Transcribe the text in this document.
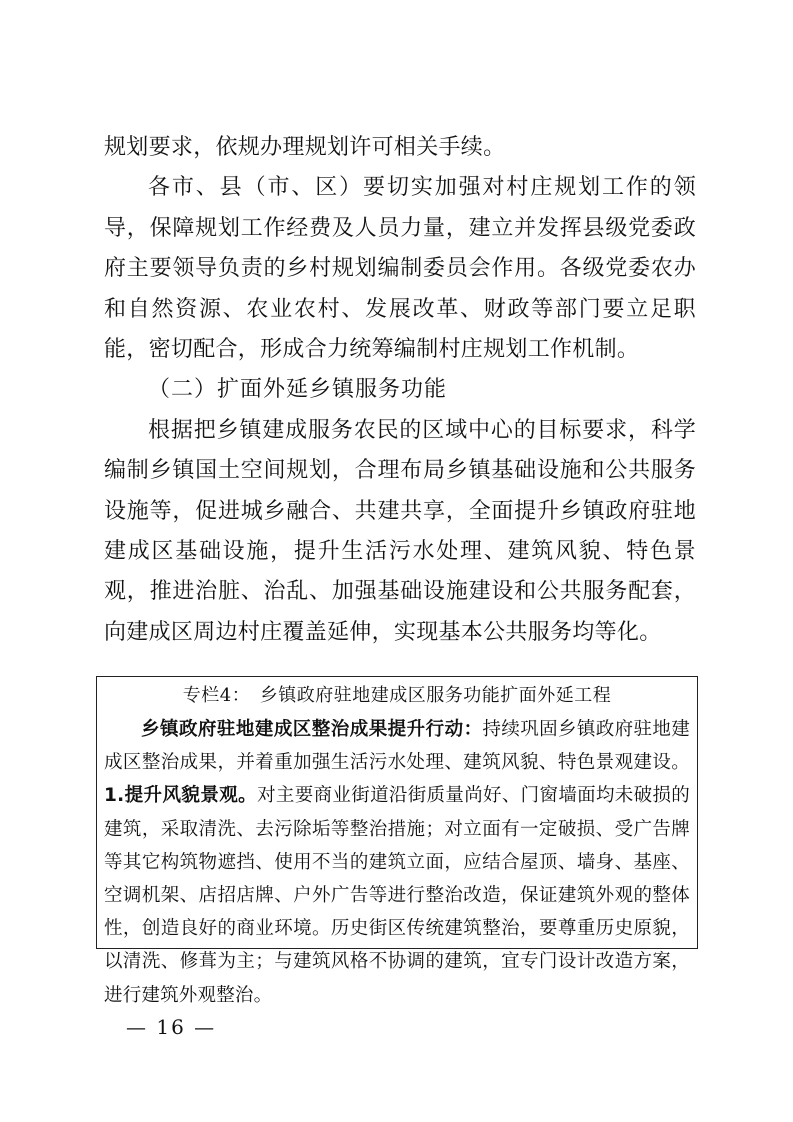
规划要求，依规办理规划许可相关手续。

各市、县（市、区）要切实加强对村庄规划工作的领导，保障规划工作经费及人员力量，建立并发挥县级党委政府主要领导负责的乡村规划编制委员会作用。各级党委农办和自然资源、农业农村、发展改革、财政等部门要立足职能，密切配合，形成合力统筹编制村庄规划工作机制。

（二）扩面外延乡镇服务功能

根据把乡镇建成服务农民的区域中心的目标要求，科学编制乡镇国土空间规划，合理布局乡镇基础设施和公共服务设施等，促进城乡融合、共建共享，全面提升乡镇政府驻地建成区基础设施，提升生活污水处理、建筑风貌、特色景观，推进治脏、治乱、加强基础设施建设和公共服务配套，向建成区周边村庄覆盖延伸，实现基本公共服务均等化。

专栏4：　乡镇政府驻地建成区服务功能扩面外延工程

乡镇政府驻地建成区整治成果提升行动：持续巩固乡镇政府驻地建成区整治成果，并着重加强生活污水处理、建筑风貌、特色景观建设。1.提升风貌景观。对主要商业街道沿街质量尚好、门窗墙面均未破损的建筑，采取清洗、去污除垢等整治措施；对立面有一定破损、受广告牌等其它构筑物遮挡、使用不当的建筑立面，应结合屋顶、墙身、基座、空调机架、店招店牌、户外广告等进行整治改造，保证建筑外观的整体性，创造良好的商业环境。历史街区传统建筑整治，要尊重历史原貌，以清洗、修葺为主；与建筑风格不协调的建筑，宜专门设计改造方案，进行建筑外观整治。

— 16 —
